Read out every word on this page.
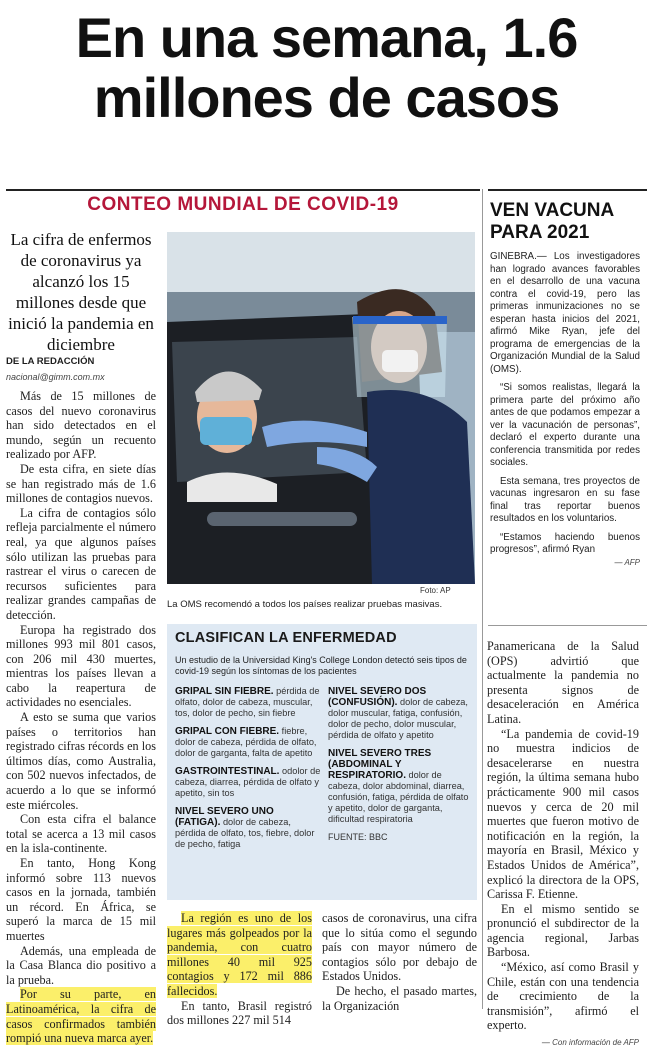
En una semana, 1.6
millones de casos
CONTEO MUNDIAL DE COVID-19
La cifra de enfermos de coronavirus ya alcanzó los 15 millones desde que inició la pandemia en diciembre
DE LA REDACCIÓN
nacional@gimm.com.mx

Más de 15 millones de casos del nuevo coronavirus han sido detectados en el mundo, según un recuento realizado por AFP.

De esta cifra, en siete días se han registrado más de 1.6 millones de contagios nuevos.

La cifra de contagios sólo refleja parcialmente el número real, ya que algunos países sólo utilizan las pruebas para rastrear el virus o carecen de recursos suficientes para realizar grandes campañas de detección.

Europa ha registrado dos millones 993 mil 801 casos, con 206 mil 430 muertes, mientras los países llevan a cabo la reapertura de actividades no esenciales.

A esto se suma que varios países o territorios han registrado cifras récords en los últimos días, como Australia, con 502 nuevos infectados, de acuerdo a lo que se informó este miércoles.

Con esta cifra el balance total se acerca a 13 mil casos en la isla-continente.

En tanto, Hong Kong informó sobre 113 nuevos casos en la jornada, también un récord. En África, se superó la marca de 15 mil muertes

Además, una empleada de la Casa Blanca dio positivo a la prueba.

Por su parte, en Latinoamérica, la cifra de casos confirmados también rompió una nueva marca ayer.

Foto: AP
La OMS recomendó a todos los países realizar pruebas masivas.
CLASIFICAN LA ENFERMEDAD
Un estudio de la Universidad King's College London detectó seis tipos de covid-19 según los síntomas de los pacientes
GRIPAL SIN FIEBRE. pérdida de olfato, dolor de cabeza, muscular, tos, dolor de pecho, sin fiebre
GRIPAL CON FIEBRE. fiebre, dolor de cabeza, pérdida de olfato, dolor de garganta, falta de apetito
GASTROINTESTINAL. odolor de cabeza, diarrea, pérdida de olfato y apetito, sin tos
NIVEL SEVERO UNO (FATIGA). dolor de cabeza, pérdida de olfato, tos, fiebre, dolor de pecho, fatiga
NIVEL SEVERO DOS (CONFUSIÓN). dolor de cabeza, dolor muscular, fatiga, confusión, dolor de pecho, dolor muscular, pérdida de olfato y apetito
NIVEL SEVERO TRES (ABDOMINAL Y RESPIRATORIO. dolor de cabeza, dolor abdominal, diarrea, confusión, fatiga, pérdida de olfato y apetito, dolor de garganta, dificultad respiratoria
FUENTE: BBC

La región es uno de los lugares más golpeados por la pandemia, con cuatro millones 40 mil 925 contagios y 172 mil 886 fallecidos.

En tanto, Brasil registró dos millones 227 mil 514

casos de coronavirus, una cifra que lo sitúa como el segundo país con mayor número de contagios sólo por debajo de Estados Unidos.

De hecho, el pasado martes, la Organización

Panamericana de la Salud (OPS) advirtió que actualmente la pandemia no presenta signos de desaceleración en América Latina.

“La pandemia de covid-19 no muestra indicios de desacelerarse en nuestra región, la última semana hubo prácticamente 900 mil casos nuevos y cerca de 20 mil muertes que fueron motivo de notificación en la región, la mayoría en Brasil, México y Estados Unidos de América”, explicó la directora de la OPS, Carissa F. Etienne.

En el mismo sentido se pronunció el subdirector de la agencia regional, Jarbas Barbosa.

“México, así como Brasil y Chile, están con una tendencia de crecimiento de la transmisión”, afirmó el experto.

— Con información de AFP
VEN VACUNA PARA 2021

GINEBRA.— Los investigadores han logrado avances favorables en el desarrollo de una vacuna contra el covid-19, pero las primeras inmunizaciones no se esperan hasta inicios del 2021, afirmó Mike Ryan, jefe del programa de emergencias de la Organización Mundial de la Salud (OMS).

“Si somos realistas, llegará la primera parte del próximo año antes de que podamos empezar a ver la vacunación de personas”, declaró el experto durante una conferencia transmitida por redes sociales.

Esta semana, tres proyectos de vacunas ingresaron en su fase final tras reportar buenos resultados en los voluntarios.

“Estamos haciendo buenos progresos”, afirmó Ryan

— AFP
